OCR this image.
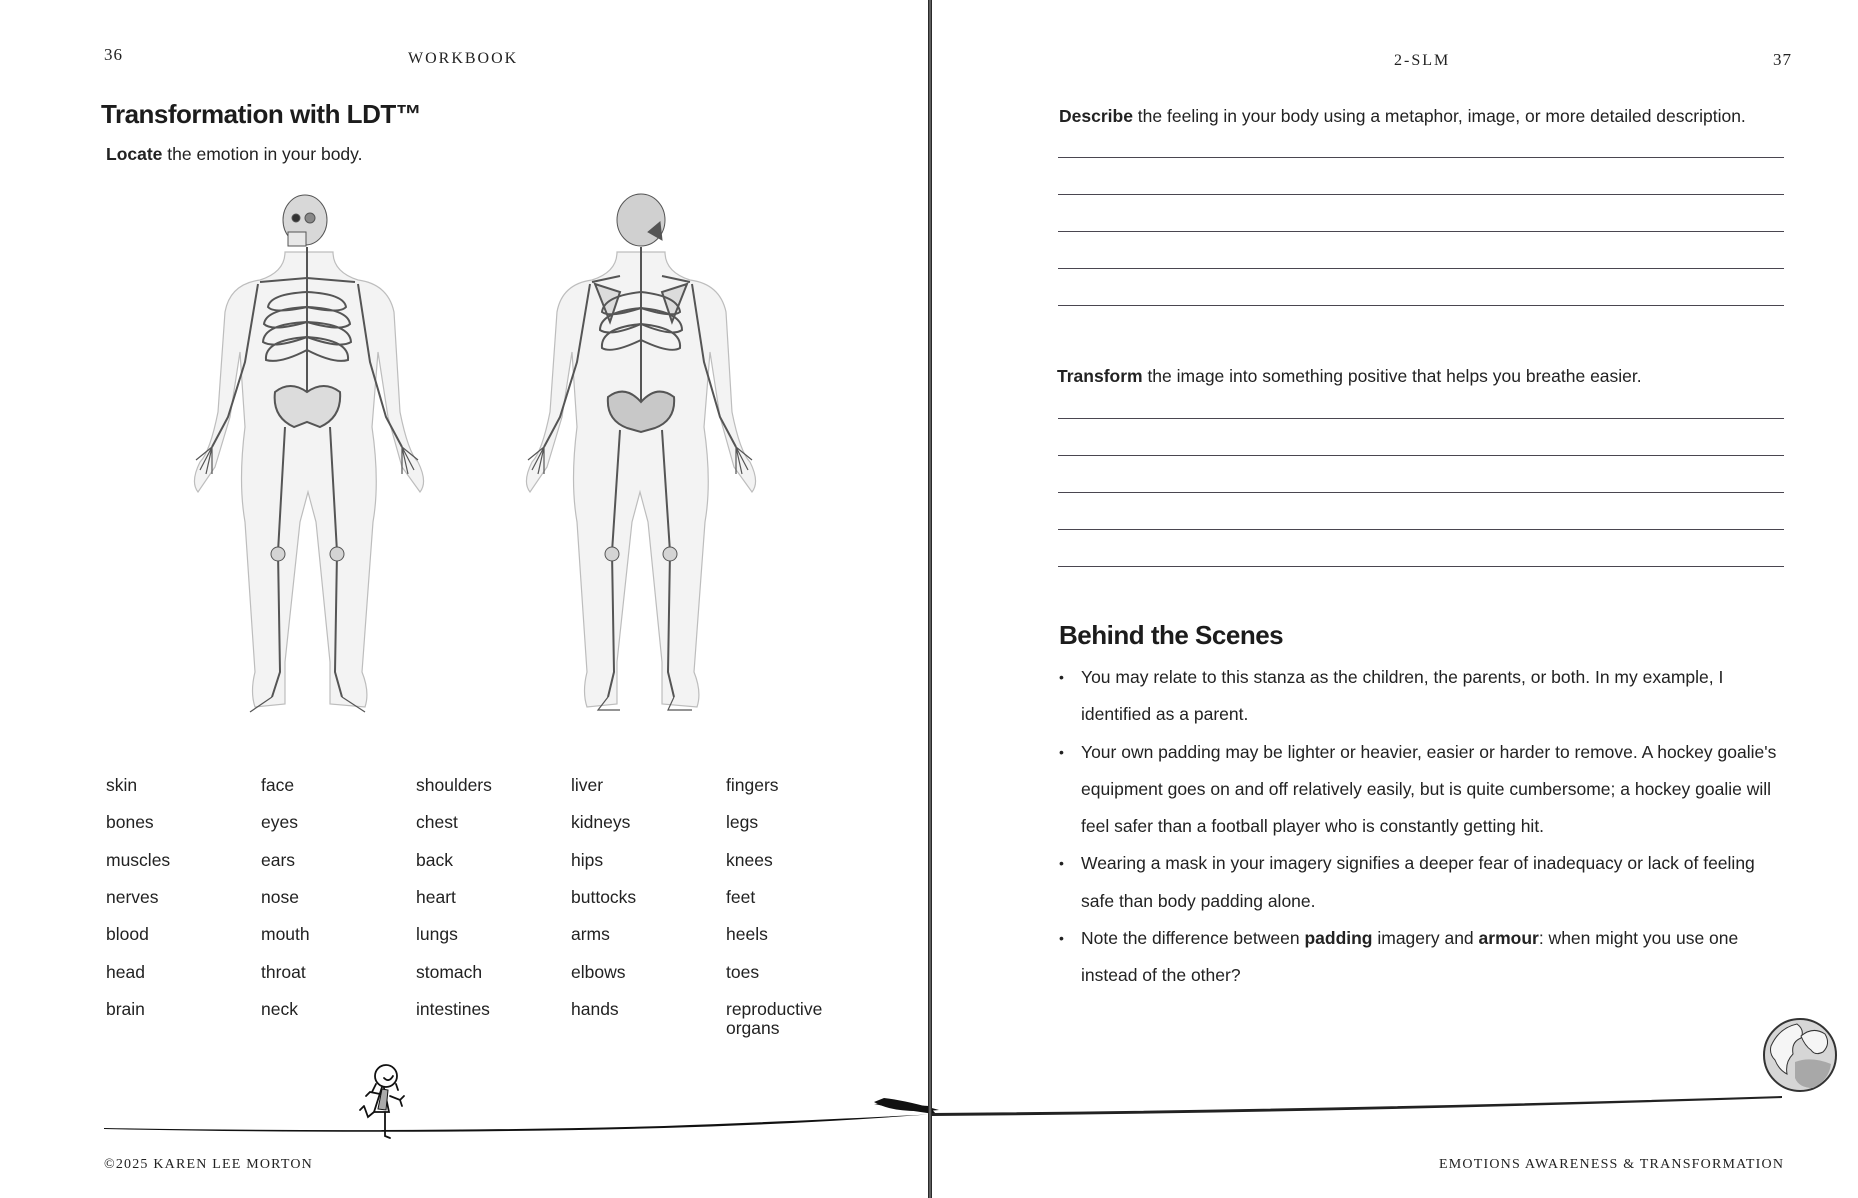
36	WORKBOOK
Transformation with LDT™
Locate the emotion in your body.
skin
bones
muscles
nerves
blood
head
brain
face
eyes
ears
nose
mouth
throat
neck
shoulders
chest
back
heart
lungs
stomach
intestines
liver
kidneys
hips
buttocks
arms
elbows
hands
fingers
legs
knees
feet
heels
toes
reproductive organs
©2025 KAREN LEE MORTON
2-SLM	37
Describe the feeling in your body using a metaphor, image, or more detailed description.
Transform the image into something positive that helps you breathe easier.
Behind the Scenes
• You may relate to this stanza as the children, the parents, or both. In my example, I identified as a parent.
• Your own padding may be lighter or heavier, easier or harder to remove. A hockey goalie's equipment goes on and off relatively easily, but is quite cumbersome; a hockey goalie will feel safer than a football player who is constantly getting hit.
• Wearing a mask in your imagery signifies a deeper fear of inadequacy or lack of feeling safe than body padding alone.
• Note the difference between padding imagery and armour: when might you use one instead of the other?
EMOTIONS AWARENESS & TRANSFORMATION
